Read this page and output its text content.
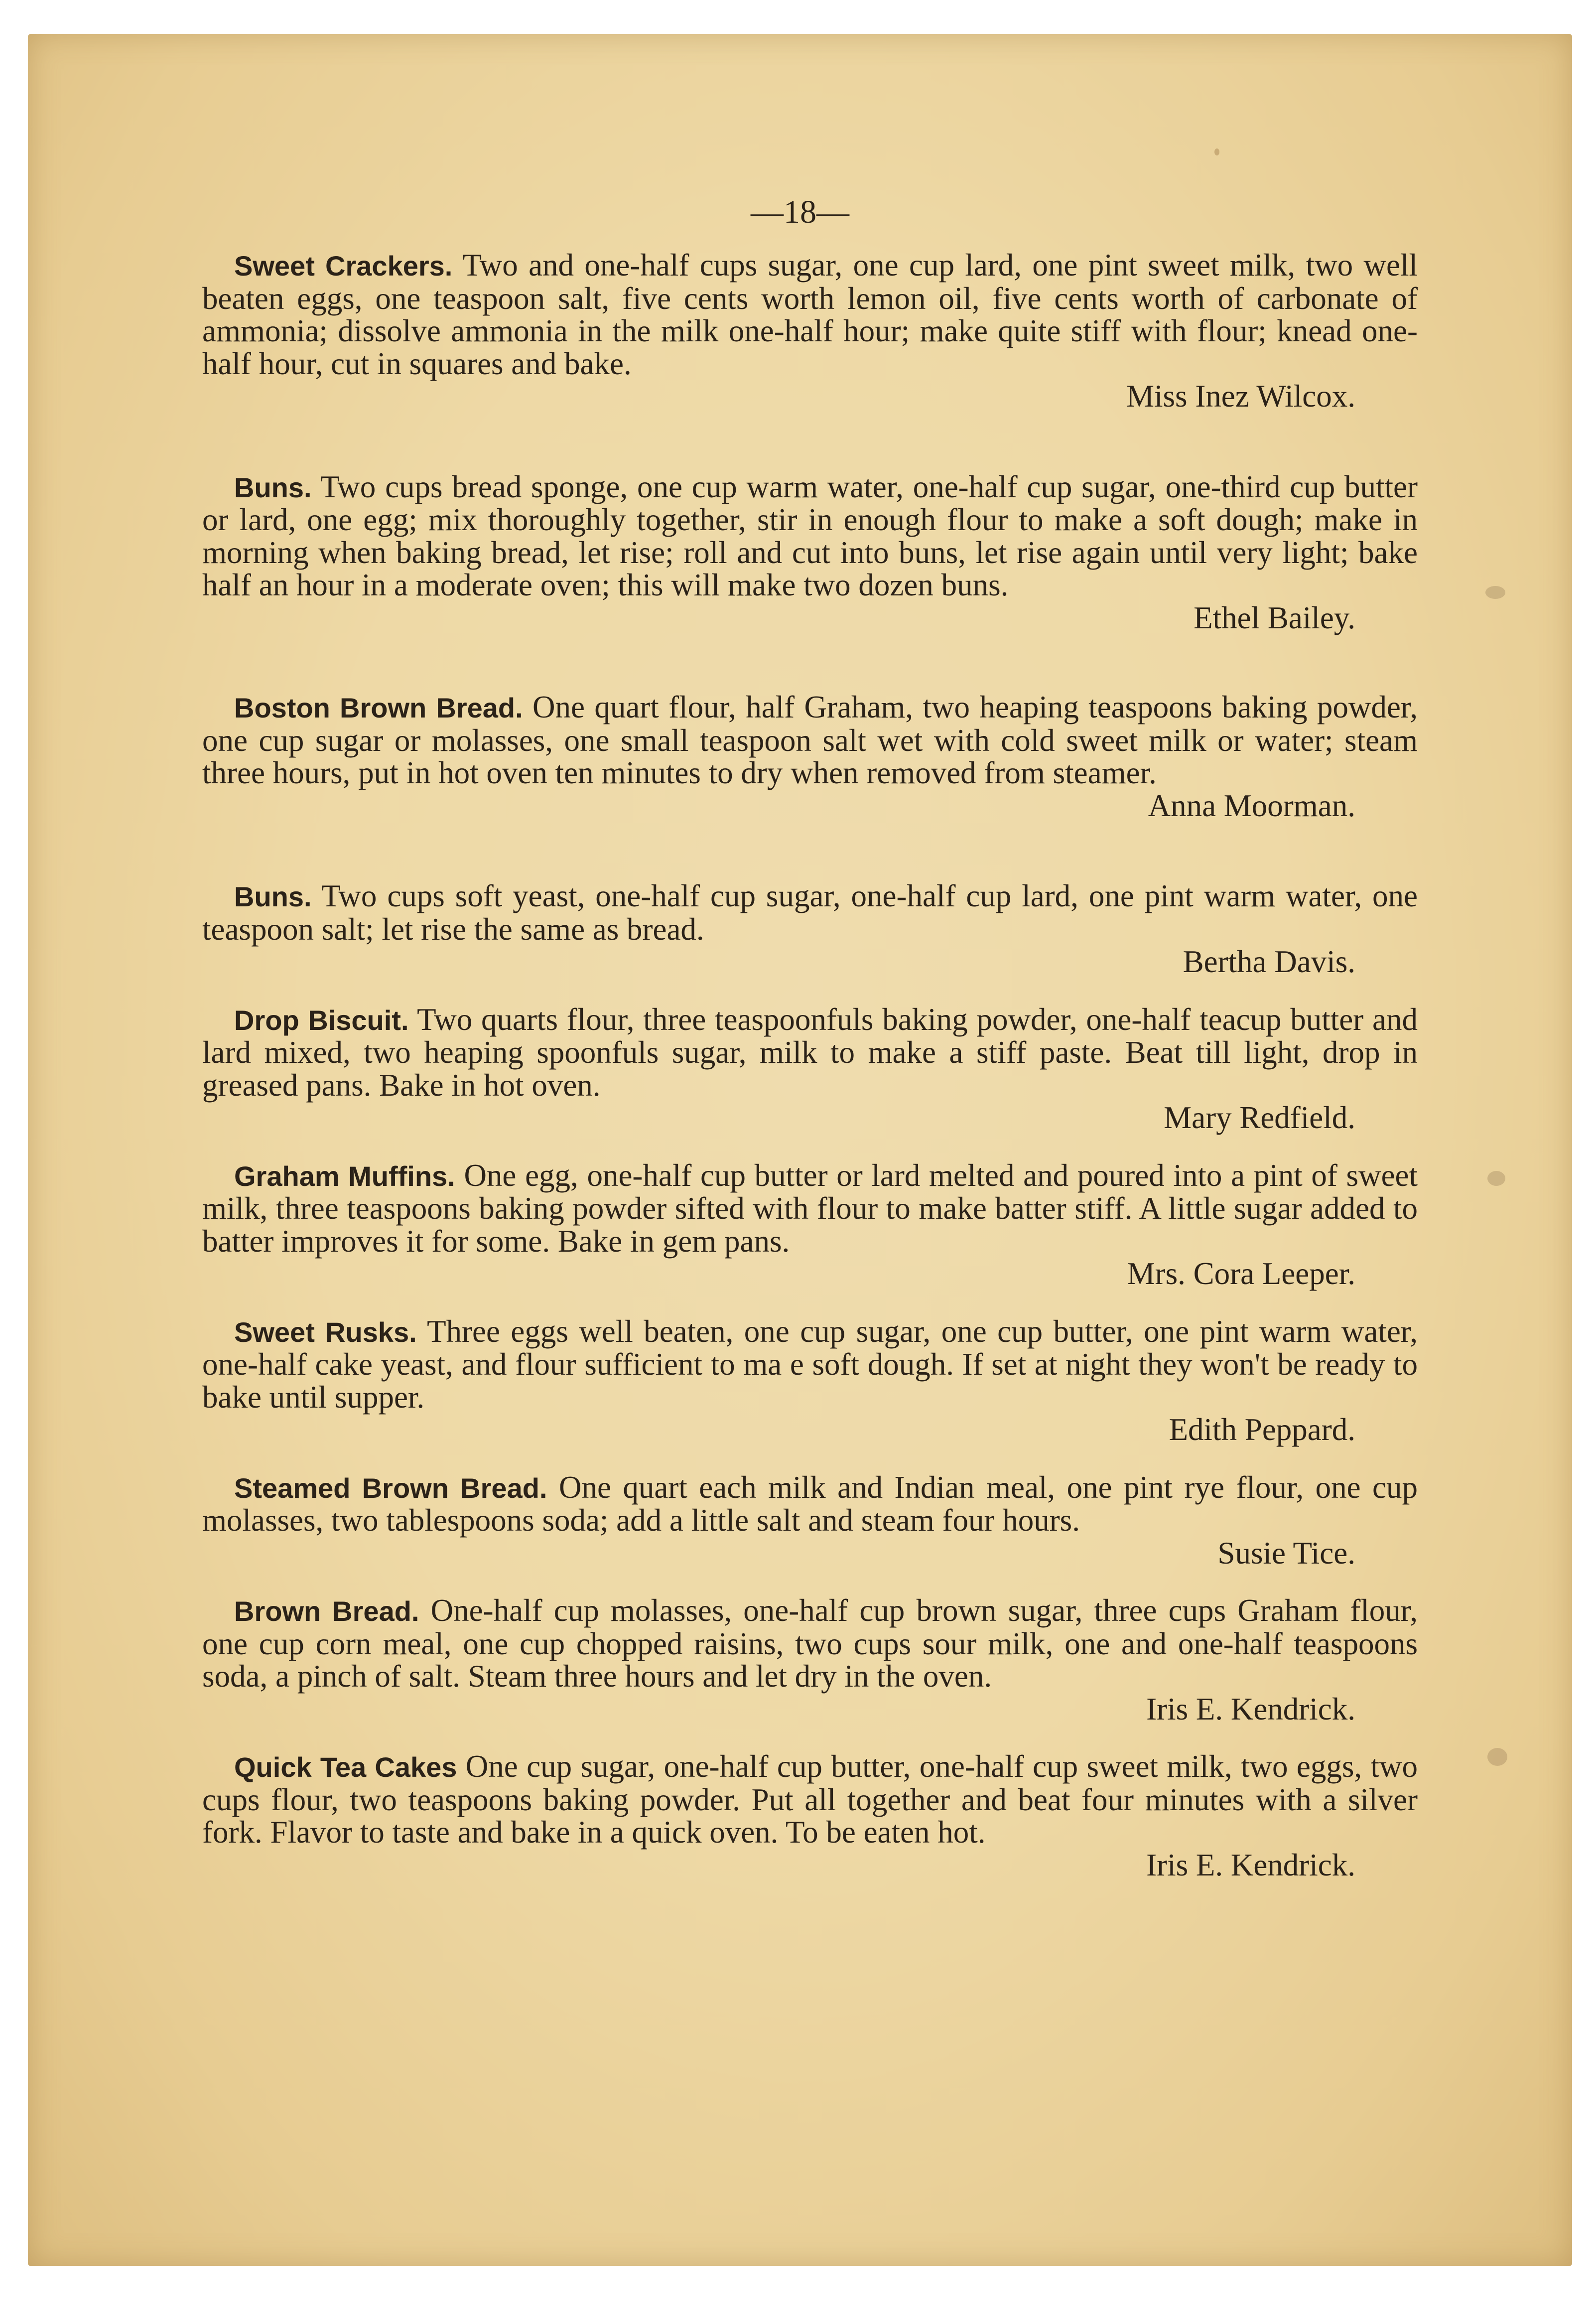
—18—

Sweet Crackers. Two and one-half cups sugar, one cup lard, one pint sweet milk, two well beaten eggs, one teaspoon salt, five cents worth lemon oil, five cents worth of carbonate of ammonia; dissolve ammonia in the milk one-half hour; make quite stiff with flour; knead one-half hour, cut in squares and bake.
Miss Inez Wilcox.

Buns. Two cups bread sponge, one cup warm water, one-half cup sugar, one-third cup butter or lard, one egg; mix thoroughly together, stir in enough flour to make a soft dough; make in morning when baking bread, let rise; roll and cut into buns, let rise again until very light; bake half an hour in a moderate oven; this will make two dozen buns.
Ethel Bailey.

Boston Brown Bread. One quart flour, half Graham, two heaping teaspoons baking powder, one cup sugar or molasses, one small teaspoon salt wet with cold sweet milk or water; steam three hours, put in hot oven ten minutes to dry when removed from steamer.
Anna Moorman.

Buns. Two cups soft yeast, one-half cup sugar, one-half cup lard, one pint warm water, one teaspoon salt; let rise the same as bread.
Bertha Davis.

Drop Biscuit. Two quarts flour, three teaspoonfuls baking powder, one-half teacup butter and lard mixed, two heaping spoonfuls sugar, milk to make a stiff paste. Beat till light, drop in greased pans. Bake in hot oven.
Mary Redfield.

Graham Muffins. One egg, one-half cup butter or lard melted and poured into a pint of sweet milk, three teaspoons baking powder sifted with flour to make batter stiff. A little sugar added to batter improves it for some. Bake in gem pans.
Mrs. Cora Leeper.

Sweet Rusks. Three eggs well beaten, one cup sugar, one cup butter, one pint warm water, one-half cake yeast, and flour sufficient to ma e soft dough. If set at night they won't be ready to bake until supper.
Edith Peppard.

Steamed Brown Bread. One quart each milk and Indian meal, one pint rye flour, one cup molasses, two tablespoons soda; add a little salt and steam four hours.
Susie Tice.

Brown Bread. One-half cup molasses, one-half cup brown sugar, three cups Graham flour, one cup corn meal, one cup chopped raisins, two cups sour milk, one and one-half teaspoons soda, a pinch of salt. Steam three hours and let dry in the oven.
Iris E. Kendrick.

Quick Tea Cakes One cup sugar, one-half cup butter, one-half cup sweet milk, two eggs, two cups flour, two teaspoons baking powder. Put all together and beat four minutes with a silver fork. Flavor to taste and bake in a quick oven. To be eaten hot.
Iris E. Kendrick.
